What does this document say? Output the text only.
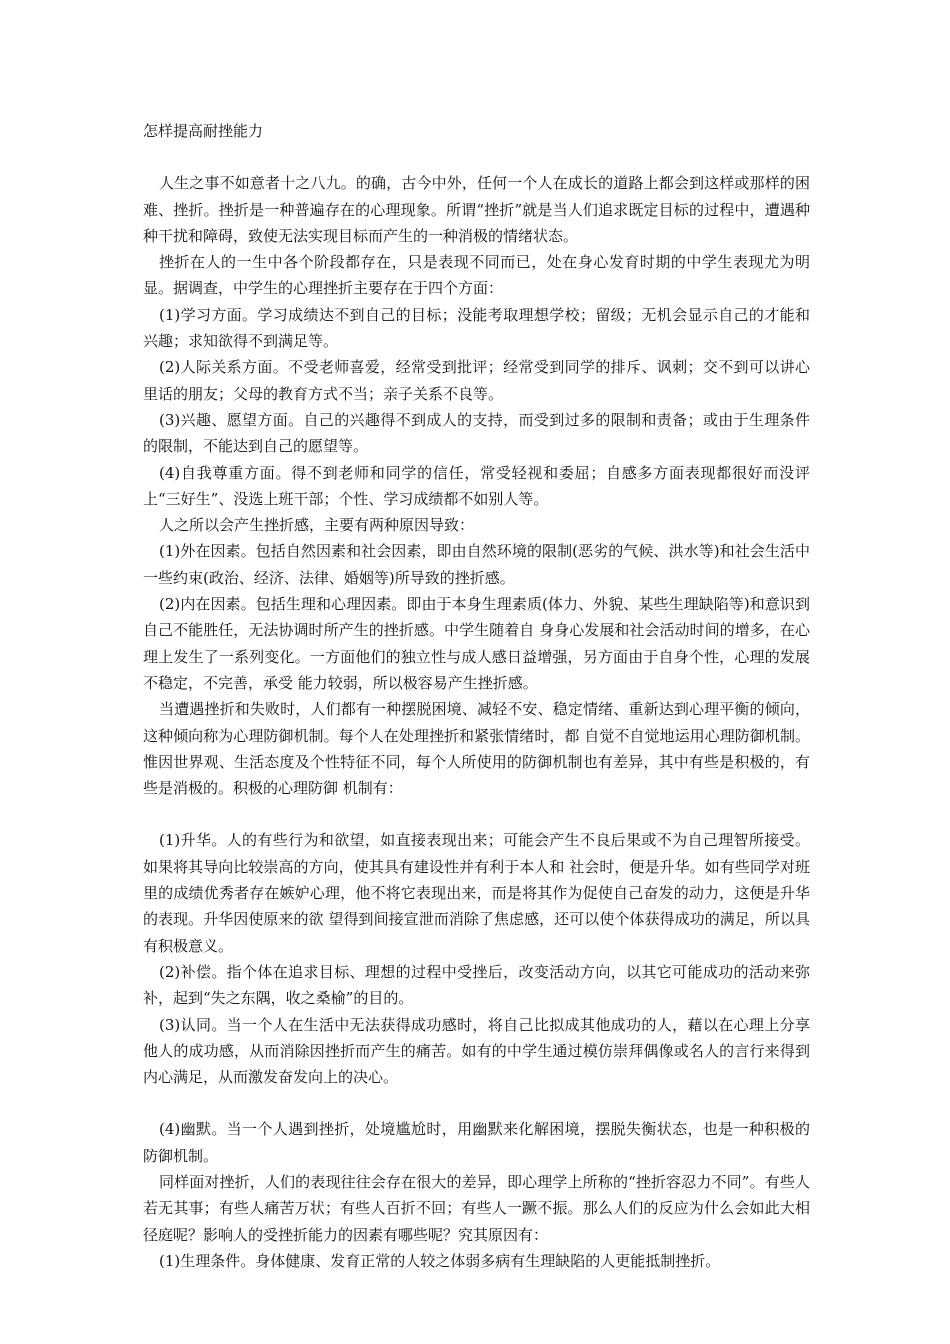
怎样提高耐挫能力

人生之事不如意者十之八九。的确，古今中外，任何一个人在成长的道路上都会到这样或那样的困难、挫折。挫折是一种普遍存在的心理现象。所谓“挫折”就是当人们追求既定目标的过程中，遭遇种种干扰和障碍，致使无法实现目标而产生的一种消极的情绪状态。

挫折在人的一生中各个阶段都存在，只是表现不同而已，处在身心发育时期的中学生表现尤为明显。据调查，中学生的心理挫折主要存在于四个方面：

(1)学习方面。学习成绩达不到自己的目标；没能考取理想学校；留级；无机会显示自己的才能和兴趣；求知欲得不到满足等。

(2)人际关系方面。不受老师喜爱，经常受到批评；经常受到同学的排斥、讽刺；交不到可以讲心里话的朋友；父母的教育方式不当；亲子关系不良等。

(3)兴趣、愿望方面。自己的兴趣得不到成人的支持，而受到过多的限制和责备；或由于生理条件的限制，不能达到自己的愿望等。

(4)自我尊重方面。得不到老师和同学的信任，常受轻视和委屈；自感多方面表现都很好而没评上“三好生”、没选上班干部；个性、学习成绩都不如别人等。

人之所以会产生挫折感，主要有两种原因导致：

(1)外在因素。包括自然因素和社会因素，即由自然环境的限制(恶劣的气候、洪水等)和社会生活中一些约束(政治、经济、法律、婚姻等)所导致的挫折感。

(2)内在因素。包括生理和心理因素。即由于本身生理素质(体力、外貌、某些生理缺陷等)和意识到自己不能胜任，无法协调时所产生的挫折感。中学生随着自 身身心发展和社会活动时间的增多，在心理上发生了一系列变化。一方面他们的独立性与成人感日益增强，另方面由于自身个性，心理的发展不稳定，不完善，承受 能力较弱，所以极容易产生挫折感。

当遭遇挫折和失败时，人们都有一种摆脱困境、减轻不安、稳定情绪、重新达到心理平衡的倾向，这种倾向称为心理防御机制。每个人在处理挫折和紧张情绪时，都 自觉不自觉地运用心理防御机制。惟因世界观、生活态度及个性特征不同，每个人所使用的防御机制也有差异，其中有些是积极的，有些是消极的。积极的心理防御 机制有：

(1)升华。人的有些行为和欲望，如直接表现出来；可能会产生不良后果或不为自己理智所接受。如果将其导向比较崇高的方向，使其具有建设性并有利于本人和 社会时，便是升华。如有些同学对班里的成绩优秀者存在嫉妒心理，他不将它表现出来，而是将其作为促使自己奋发的动力，这便是升华的表现。升华因使原来的欲 望得到间接宣泄而消除了焦虑感，还可以使个体获得成功的满足，所以具有积极意义。

(2)补偿。指个体在追求目标、理想的过程中受挫后，改变活动方向，以其它可能成功的活动来弥补，起到“失之东隅，收之桑榆”的目的。

(3)认同。当一个人在生活中无法获得成功感时，将自己比拟成其他成功的人，藉以在心理上分享他人的成功感，从而消除因挫折而产生的痛苦。如有的中学生通过模仿崇拜偶像或名人的言行来得到内心满足，从而激发奋发向上的决心。

(4)幽默。当一个人遇到挫折，处境尴尬时，用幽默来化解困境，摆脱失衡状态，也是一种积极的防御机制。

同样面对挫折，人们的表现往往会存在很大的差异，即心理学上所称的“挫折容忍力不同”。有些人若无其事；有些人痛苦万状；有些人百折不回；有些人一蹶不振。那么人们的反应为什么会如此大相径庭呢？影响人的受挫折能力的因素有哪些呢？究其原因有：

(1)生理条件。身体健康、发育正常的人较之体弱多病有生理缺陷的人更能抵制挫折。
